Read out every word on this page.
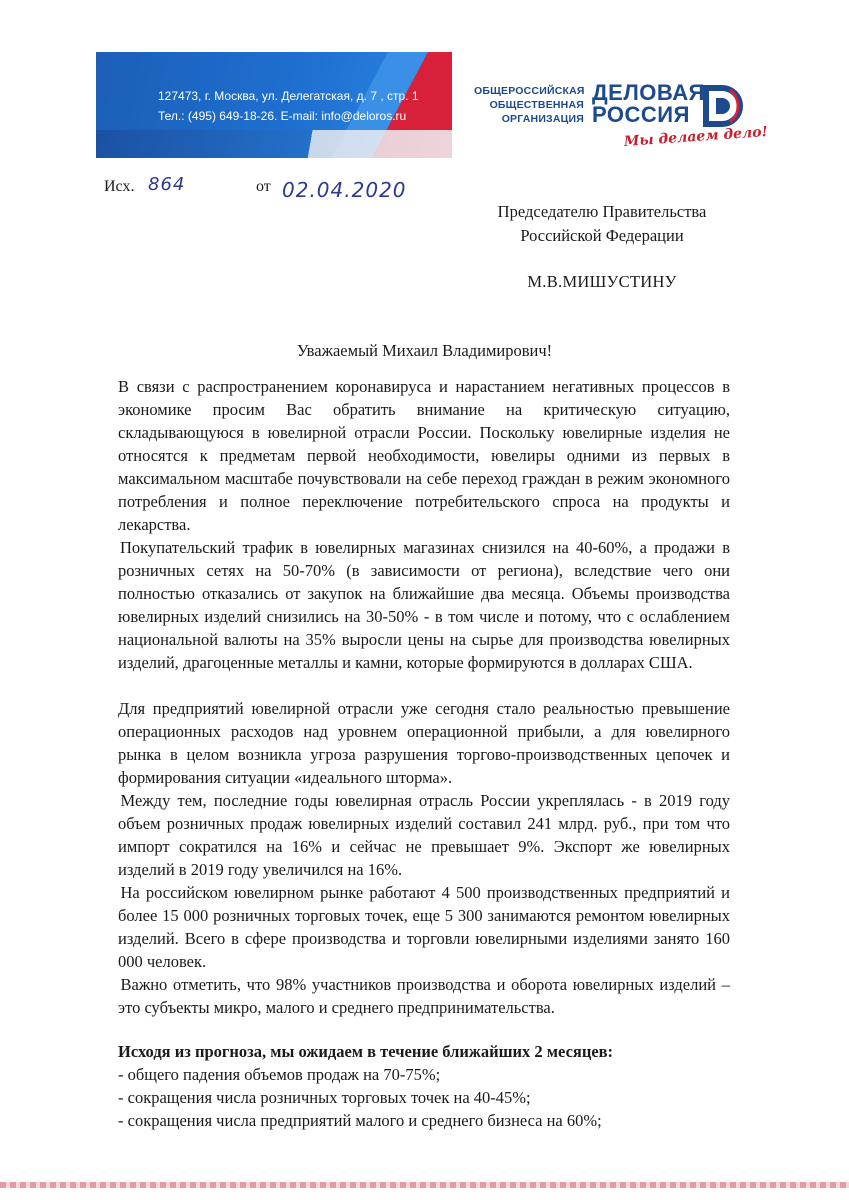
127473, г. Москва, ул. Делегатская, д. 7 , стр. 1
Тел.: (495) 649-18-26. E-mail: info@deloros.ru
ОБЩЕРОССИЙСКАЯ
ОБЩЕСТВЕННАЯ
ОРГАНИЗАЦИЯ
ДЕЛОВАЯ
РОССИЯ
Мы делаем дело!
Исх. 864	от 02.04.2020
Председателю Правительства
Российской Федерации
М.В.МИШУСТИНУ
Уважаемый Михаил Владимирович!

В связи с распространением коронавируса и нарастанием негативных процессов в экономике просим Вас обратить внимание на критическую ситуацию, складывающуюся в ювелирной отрасли России. Поскольку ювелирные изделия не относятся к предметам первой необходимости, ювелиры одними из первых в максимальном масштабе почувствовали на себе переход граждан в режим экономного потребления и полное переключение потребительского спроса на продукты и лекарства.

Покупательский трафик в ювелирных магазинах снизился на 40-60%, а продажи в розничных сетях на 50-70% (в зависимости от региона), вследствие чего они полностью отказались от закупок на ближайшие два месяца. Объемы производства ювелирных изделий снизились на 30-50% - в том числе и потому, что с ослаблением национальной валюты на 35% выросли цены на сырье для производства ювелирных изделий, драгоценные металлы и камни, которые формируются в долларах США.

Для предприятий ювелирной отрасли уже сегодня стало реальностью превышение операционных расходов над уровнем операционной прибыли, а для ювелирного рынка в целом возникла угроза разрушения торгово-производственных цепочек и формирования ситуации «идеального шторма».

Между тем, последние годы ювелирная отрасль России укреплялась - в 2019 году объем розничных продаж ювелирных изделий составил 241 млрд. руб., при том что импорт сократился на 16% и сейчас не превышает 9%. Экспорт же ювелирных изделий в 2019 году увеличился на 16%.

На российском ювелирном рынке работают 4 500 производственных предприятий и более 15 000 розничных торговых точек, еще 5 300 занимаются ремонтом ювелирных изделий. Всего в сфере производства и торговли ювелирными изделиями занято 160 000 человек.

Важно отметить, что 98% участников производства и оборота ювелирных изделий – это субъекты микро, малого и среднего предпринимательства.

Исходя из прогноза, мы ожидаем в течение ближайших 2 месяцев:

- общего падения объемов продаж на 70-75%;

- сокращения числа розничных торговых точек на 40-45%;

- сокращения числа предприятий малого и среднего бизнеса на 60%;
